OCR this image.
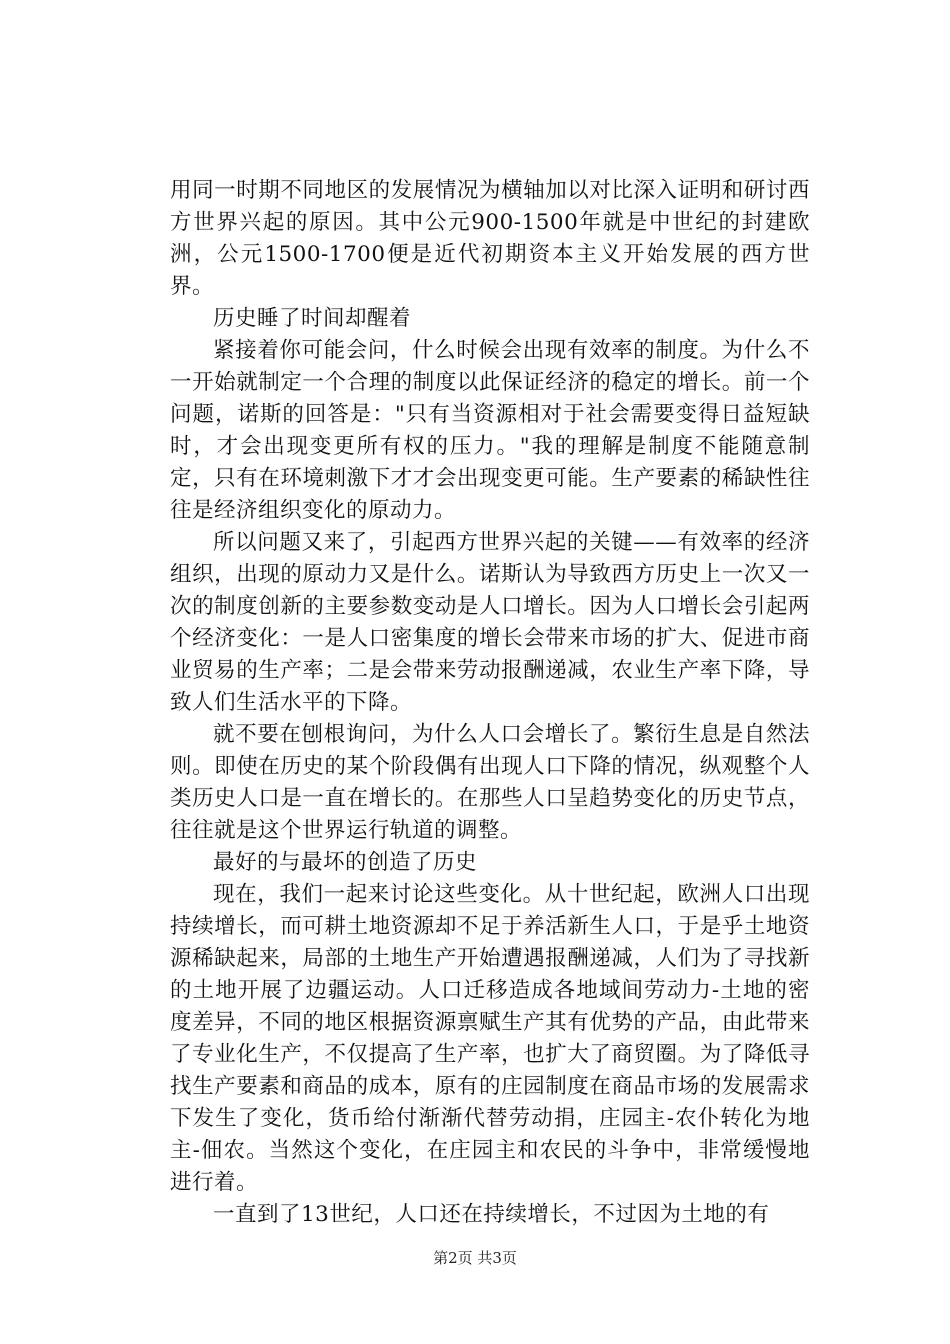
用同一时期不同地区的发展情况为横轴加以对比深入证明和研讨西方世界兴起的原因。其中公元900-1500年就是中世纪的封建欧洲，公元1500-1700便是近代初期资本主义开始发展的西方世界。

历史睡了时间却醒着

紧接着你可能会问，什么时候会出现有效率的制度。为什么不一开始就制定一个合理的制度以此保证经济的稳定的增长。前一个问题，诺斯的回答是："只有当资源相对于社会需要变得日益短缺时，才会出现变更所有权的压力。"我的理解是制度不能随意制定，只有在环境刺激下才才会出现变更可能。生产要素的稀缺性往往是经济组织变化的原动力。

所以问题又来了，引起西方世界兴起的关键——有效率的经济组织，出现的原动力又是什么。诺斯认为导致西方历史上一次又一次的制度创新的主要参数变动是人口增长。因为人口增长会引起两个经济变化：一是人口密集度的增长会带来市场的扩大、促进市商业贸易的生产率；二是会带来劳动报酬递减，农业生产率下降，导致人们生活水平的下降。

就不要在刨根询问，为什么人口会增长了。繁衍生息是自然法则。即使在历史的某个阶段偶有出现人口下降的情况，纵观整个人类历史人口是一直在增长的。在那些人口呈趋势变化的历史节点，往往就是这个世界运行轨道的调整。

最好的与最坏的创造了历史

现在，我们一起来讨论这些变化。从十世纪起，欧洲人口出现持续增长，而可耕土地资源却不足于养活新生人口，于是乎土地资源稀缺起来，局部的土地生产开始遭遇报酬递减，人们为了寻找新的土地开展了边疆运动。人口迁移造成各地域间劳动力-土地的密度差异，不同的地区根据资源禀赋生产其有优势的产品，由此带来了专业化生产，不仅提高了生产率，也扩大了商贸圈。为了降低寻找生产要素和商品的成本，原有的庄园制度在商品市场的发展需求下发生了变化，货币给付渐渐代替劳动捐，庄园主-农仆转化为地主-佃农。当然这个变化，在庄园主和农民的斗争中，非常缓慢地进行着。

一直到了13世纪，人口还在持续增长，不过因为土地的有

第2页 共3页
